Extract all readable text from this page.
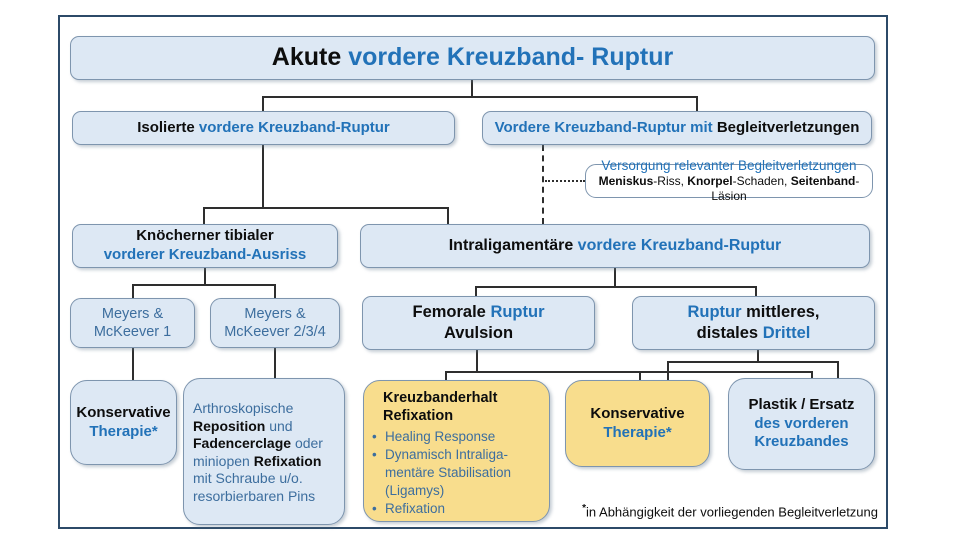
Akute vordere Kreuzband- Ruptur
Isolierte vordere Kreuzband-Ruptur	Vordere Kreuzband-Ruptur mit Begleitverletzungen
Versorgung relevanter Begleitverletzungen
Meniskus-Riss, Knorpel-Schaden, Seitenband-Läsion
Knöcherner tibialer
vorderer Kreuzband-Ausriss
Intraligamentäre vordere Kreuzband-Ruptur
Meyers &
McKeever 1
Meyers &
McKeever 2/3/4
Femorale Ruptur
Avulsion
Ruptur mittleres,
distales Drittel
Konservative
Therapie*
Arthroskopische
Reposition und
Fadencerclage oder
miniopen Refixation
mit Schraube u/o.
resorbierbaren Pins
Kreuzbanderhalt
Refixation
• Healing Response
• Dynamisch Intraliga-
mentäre Stabilisation
(Ligamys)
• Refixation
Konservative
Therapie*
Plastik / Ersatz
des vorderen
Kreuzbandes
*in Abhängigkeit der vorliegenden Begleitverletzung
